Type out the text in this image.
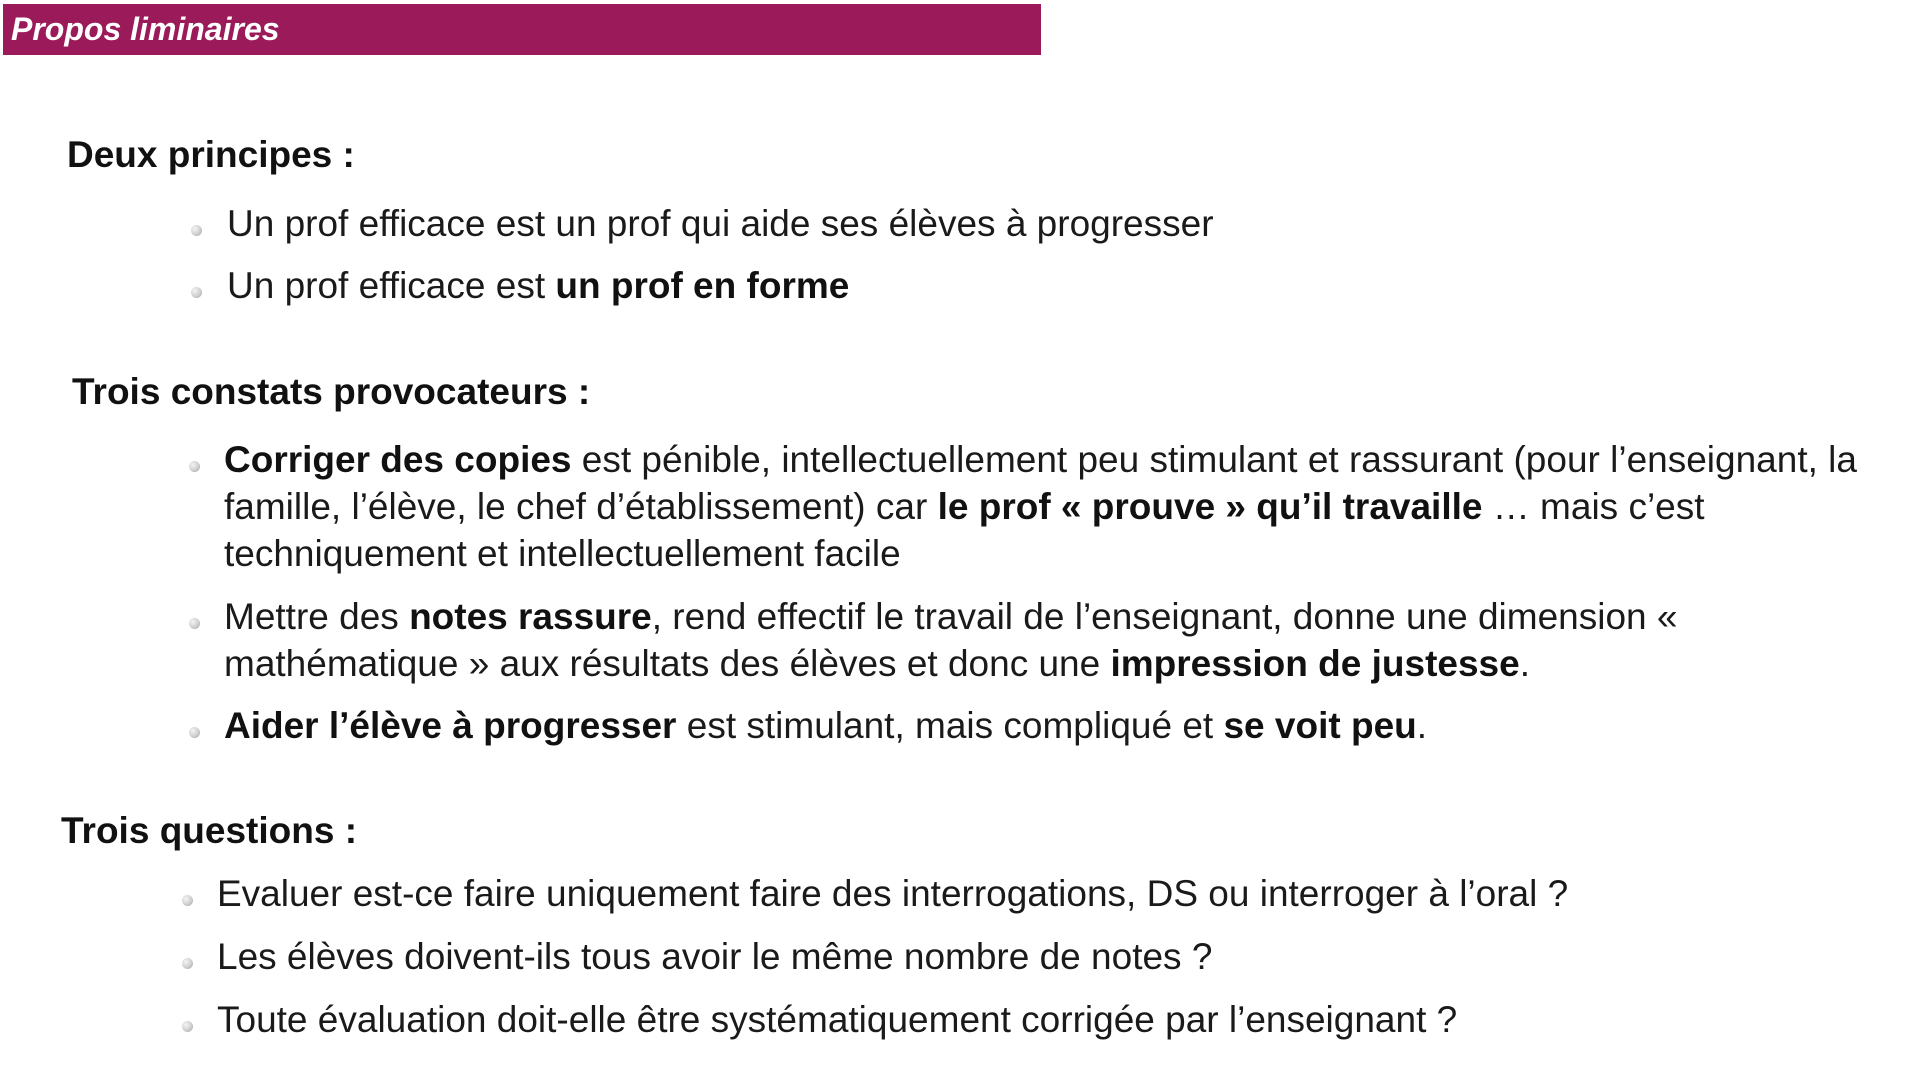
Propos liminaires
Deux principes :
Un prof efficace est un prof qui aide ses élèves à progresser
Un prof efficace est un prof en forme
Trois constats provocateurs :
Corriger des copies est pénible, intellectuellement peu stimulant et rassurant (pour l’enseignant, la famille, l’élève, le chef d’établissement) car le prof « prouve » qu’il travaille … mais c’est techniquement et intellectuellement facile
Mettre des notes rassure, rend effectif le travail de l’enseignant, donne une dimension « mathématique » aux résultats des élèves et donc une impression de justesse.
Aider l’élève à progresser est stimulant, mais compliqué et se voit peu.
Trois questions :
Evaluer est-ce faire uniquement faire des interrogations, DS ou interroger à l’oral ?
Les élèves doivent-ils tous avoir le même nombre de notes ?
Toute évaluation doit-elle être systématiquement corrigée par l’enseignant ?
